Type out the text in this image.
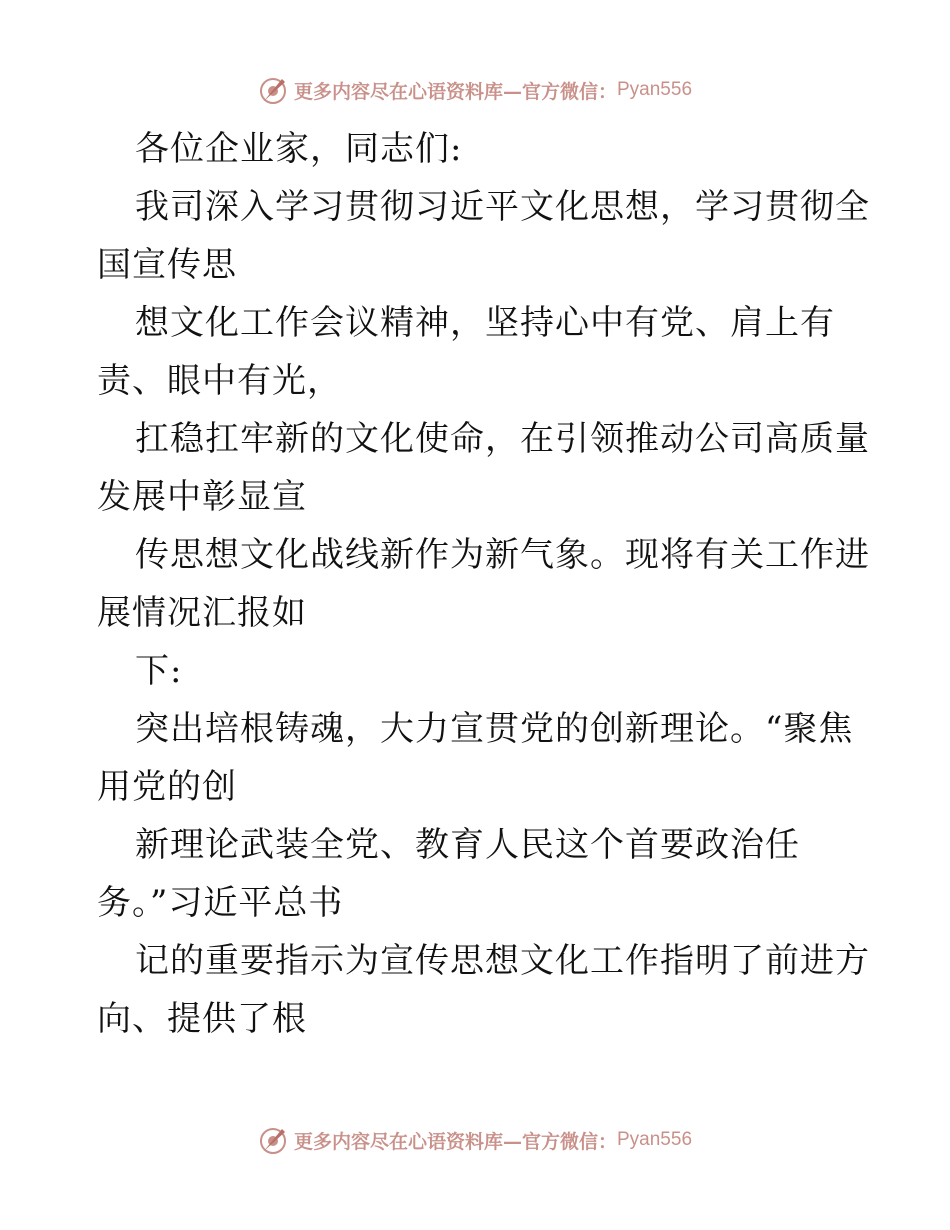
更多内容尽在心语资料库—官方微信： Pyan556
各位企业家，同志们:
我司深入学习贯彻习近平文化思想，学习贯彻全
国宣传思
想文化工作会议精神，坚持心中有党、肩上有
责、眼中有光，
扛稳扛牢新的文化使命，在引领推动公司高质量
发展中彰显宣
传思想文化战线新作为新气象。现将有关工作进
展情况汇报如
下:
突出培根铸魂，大力宣贯党的创新理论。“聚焦
用党的创
新理论武装全党、教育人民这个首要政治任
务。”习近平总书
记的重要指示为宣传思想文化工作指明了前进方
向、提供了根
更多内容尽在心语资料库—官方微信： Pyan556
